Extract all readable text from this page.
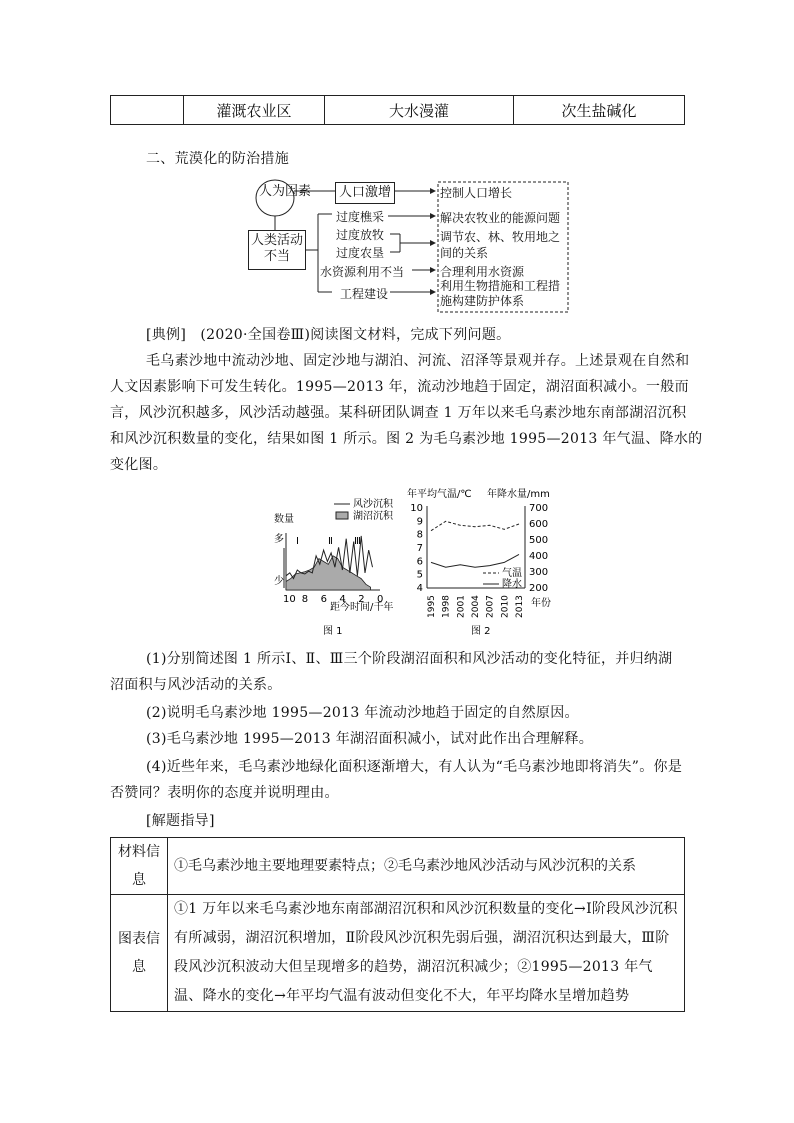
	灌溉农业区	大水漫灌	次生盐碱化
二、荒漠化的防治措施
人为因素
人类活动不当
人口激增
过度樵采
过度放牧
过度农垦
水资源利用不当
工程建设
控制人口增长
解决农牧业的能源问题
调节农、林、牧用地之间的关系
合理利用水资源
利用生物措施和工程措施构建防护体系
[典例]　(2020·全国卷Ⅲ)阅读图文材料，完成下列问题。
毛乌素沙地中流动沙地、固定沙地与湖泊、河流、沼泽等景观并存。上述景观在自然和
人文因素影响下可发生转化。1995—2013 年，流动沙地趋于固定，湖沼面积减小。一般而
言，风沙沉积越多，风沙活动越强。某科研团队调查 1 万年以来毛乌素沙地东南部湖沼沉积
和风沙沉积数量的变化，结果如图 1 所示。图 2 为毛乌素沙地 1995—2013 年气温、降水的
变化图。
数量
多
少
10 8 6 4 2 0
风沙沉积
湖沼沉积
Ⅰ	Ⅱ Ⅲ
距今时间/千年
图 1
年平均气温/℃ 年降水量/mm
10
9
8
7
6
5
4
700
600
500
400
300
200
1995 1998 2001 2004 2007 2010 2013
气温
降水
年份
图 2
(1)分别简述图 1 所示Ⅰ、Ⅱ、Ⅲ三个阶段湖沼面积和风沙活动的变化特征，并归纳湖
沼面积与风沙活动的关系。
(2)说明毛乌素沙地 1995—2013 年流动沙地趋于固定的自然原因。
(3)毛乌素沙地 1995—2013 年湖沼面积减小，试对此作出合理解释。
(4)近些年来，毛乌素沙地绿化面积逐渐增大，有人认为“毛乌素沙地即将消失”。你是
否赞同？表明你的态度并说明理由。
[解题指导]
材料信息	①毛乌素沙地主要地理要素特点；②毛乌素沙地风沙活动与风沙沉积的关系
图表信息	①1 万年以来毛乌素沙地东南部湖沼沉积和风沙沉积数量的变化→Ⅰ阶段风沙沉积有所减弱，湖沼沉积增加，Ⅱ阶段风沙沉积先弱后强，湖沼沉积达到最大，Ⅲ阶段风沙沉积波动大但呈现增多的趋势，湖沼沉积减少；②1995—2013 年气温、降水的变化→年平均气温有波动但变化不大，年平均降水呈增加趋势
